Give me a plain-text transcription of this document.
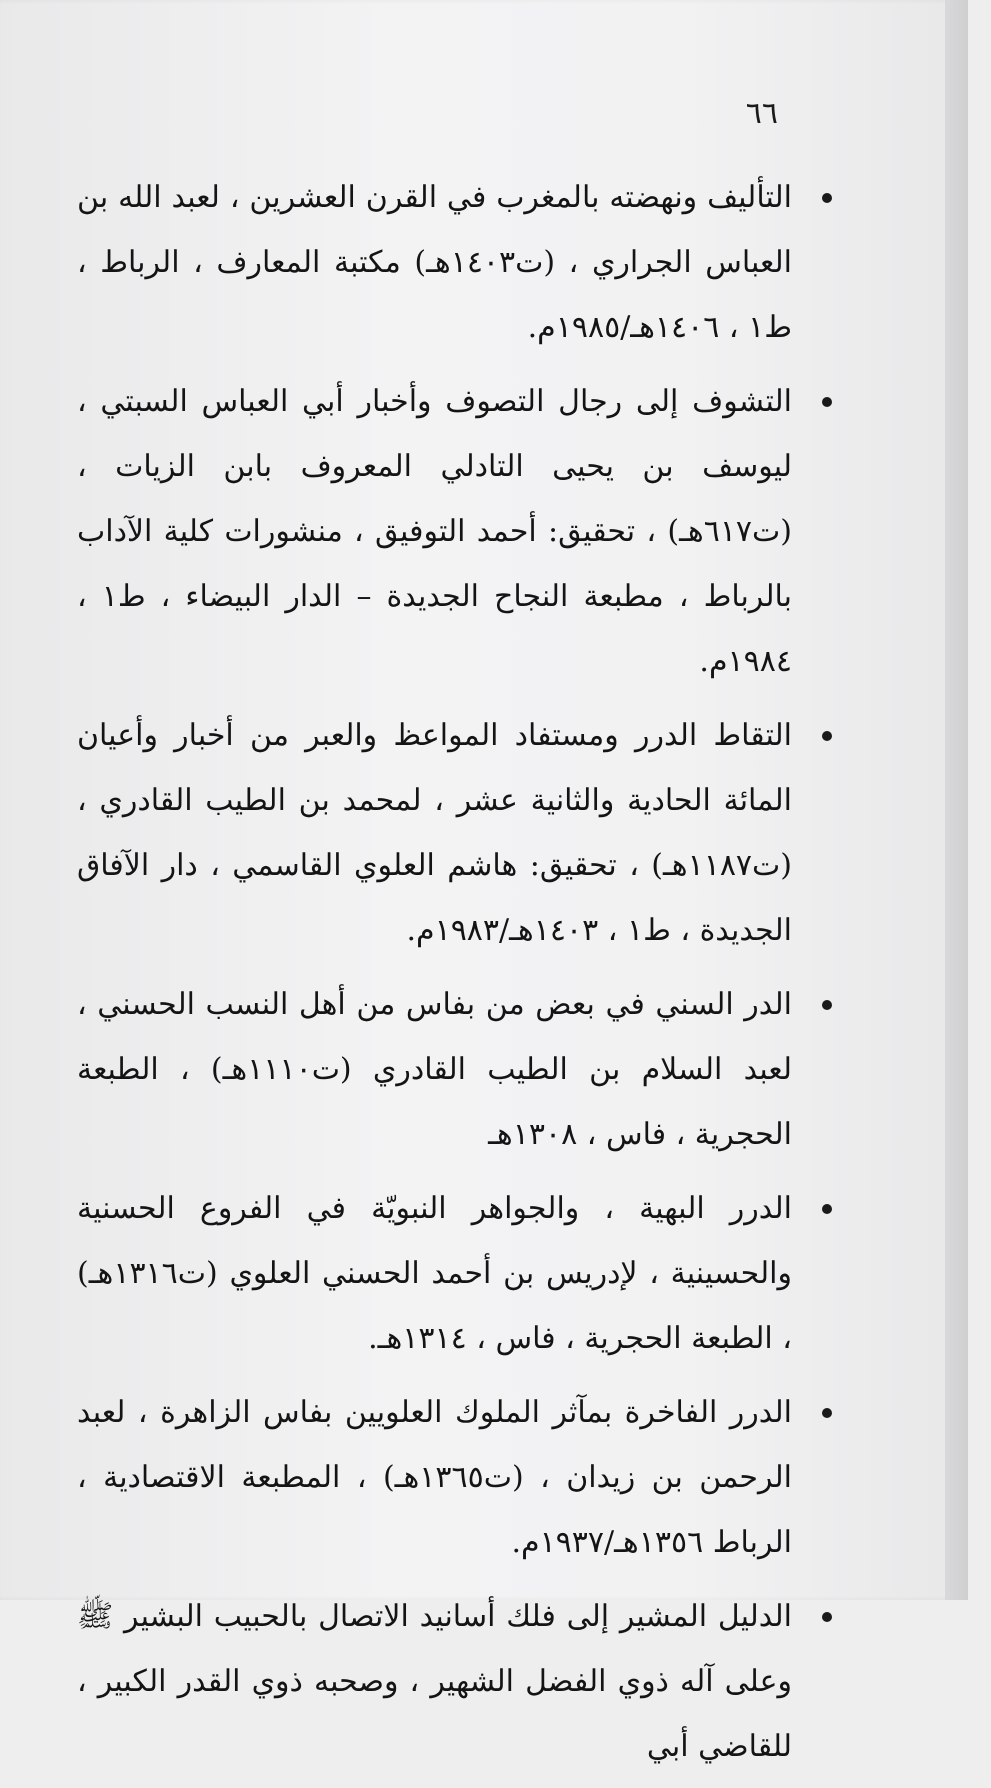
٦٦
التأليف ونهضته بالمغرب في القرن العشرين ، لعبد الله بن العباس الجراري ، (ت١٤٠٣هـ) مكتبة المعارف ، الرباط ، ط١ ، ١٤٠٦هـ/١٩٨٥م.
التشوف إلى رجال التصوف وأخبار أبي العباس السبتي ، ليوسف بن يحيى التادلي المعروف بابن الزيات ، (ت٦١٧هـ) ، تحقيق: أحمد التوفيق ، منشورات كلية الآداب بالرباط ، مطبعة النجاح الجديدة – الدار البيضاء ، ط١ ، ١٩٨٤م.
التقاط الدرر ومستفاد المواعظ والعبر من أخبار وأعيان المائة الحادية والثانية عشر ، لمحمد بن الطيب القادري ، (ت١١٨٧هـ) ، تحقيق: هاشم العلوي القاسمي ، دار الآفاق الجديدة ، ط١ ، ١٤٠٣هـ/١٩٨٣م.
الدر السني في بعض من بفاس من أهل النسب الحسني ، لعبد السلام بن الطيب القادري (ت١١١٠هـ) ، الطبعة الحجرية ، فاس ، ١٣٠٨هـ
الدرر البهية ، والجواهر النبويّة في الفروع الحسنية والحسينية ، لإدريس بن أحمد الحسني العلوي (ت١٣١٦هـ) ، الطبعة الحجرية ، فاس ، ١٣١٤هـ.
الدرر الفاخرة بمآثر الملوك العلويين بفاس الزاهرة ، لعبد الرحمن بن زيدان ، (ت١٣٦٥هـ) ، المطبعة الاقتصادية ، الرباط ١٣٥٦هـ/١٩٣٧م.
الدليل المشير إلى فلك أسانيد الاتصال بالحبيب البشير ﷺ وعلى آله ذوي الفضل الشهير ، وصحبه ذوي القدر الكبير ، للقاضي أبي
